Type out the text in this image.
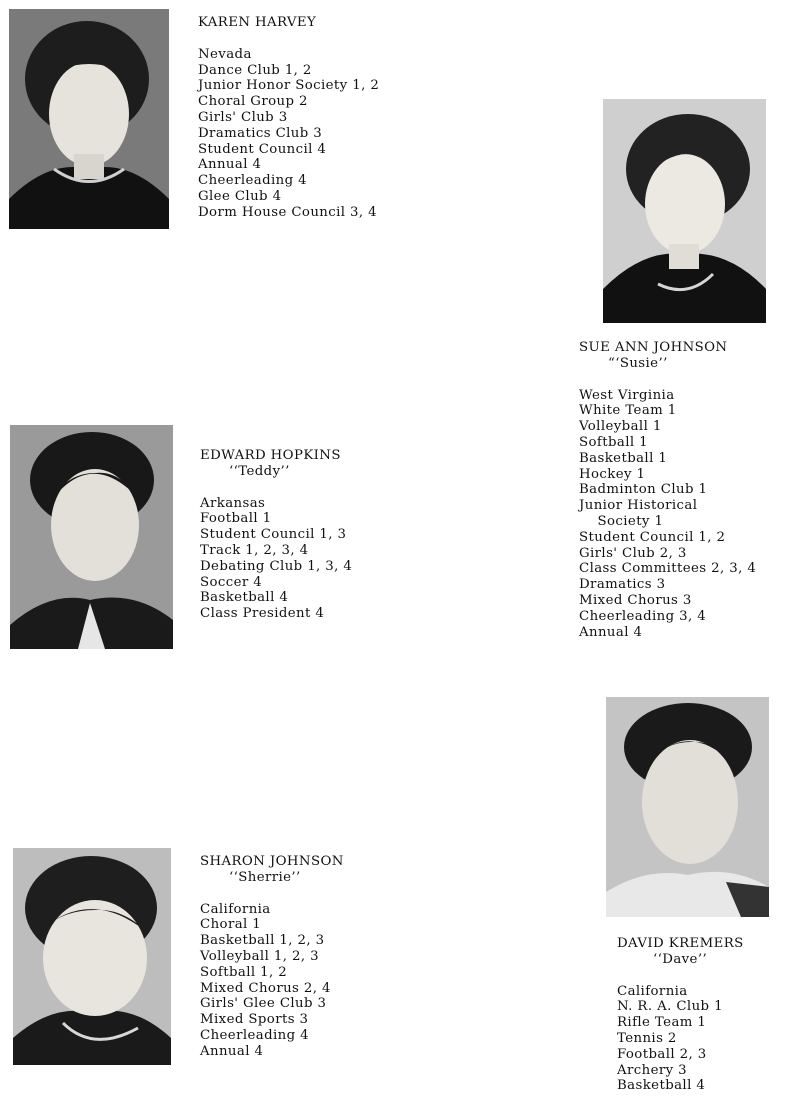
KAREN HARVEY
Nevada
Dance Club 1, 2
Junior Honor Society 1, 2
Choral Group 2
Girls' Club 3
Dramatics Club 3
Student Council 4
Annual 4
Cheerleading 4
Glee Club 4
Dorm House Council 3, 4
SUE ANN JOHNSON
“‘Susie’’
West Virginia
White Team 1
Volleyball 1
Softball 1
Basketball 1
Hockey 1
Badminton Club 1
Junior Historical
Society 1
Student Council 1, 2
Girls' Club 2, 3
Class Committees 2, 3, 4
Dramatics 3
Mixed Chorus 3
Cheerleading 3, 4
Annual 4
EDWARD HOPKINS
‘‘Teddy’’
Arkansas
Football 1
Student Council 1, 3
Track 1, 2, 3, 4
Debating Club 1, 3, 4
Soccer 4
Basketball 4
Class President 4
SHARON JOHNSON
‘‘Sherrie’’
California
Choral 1
Basketball 1, 2, 3
Volleyball 1, 2, 3
Softball 1, 2
Mixed Chorus 2, 4
Girls' Glee Club 3
Mixed Sports 3
Cheerleading 4
Annual 4
DAVID KREMERS
‘‘Dave’’
California
N. R. A. Club 1
Rifle Team 1
Tennis 2
Football 2, 3
Archery 3
Basketball 4
